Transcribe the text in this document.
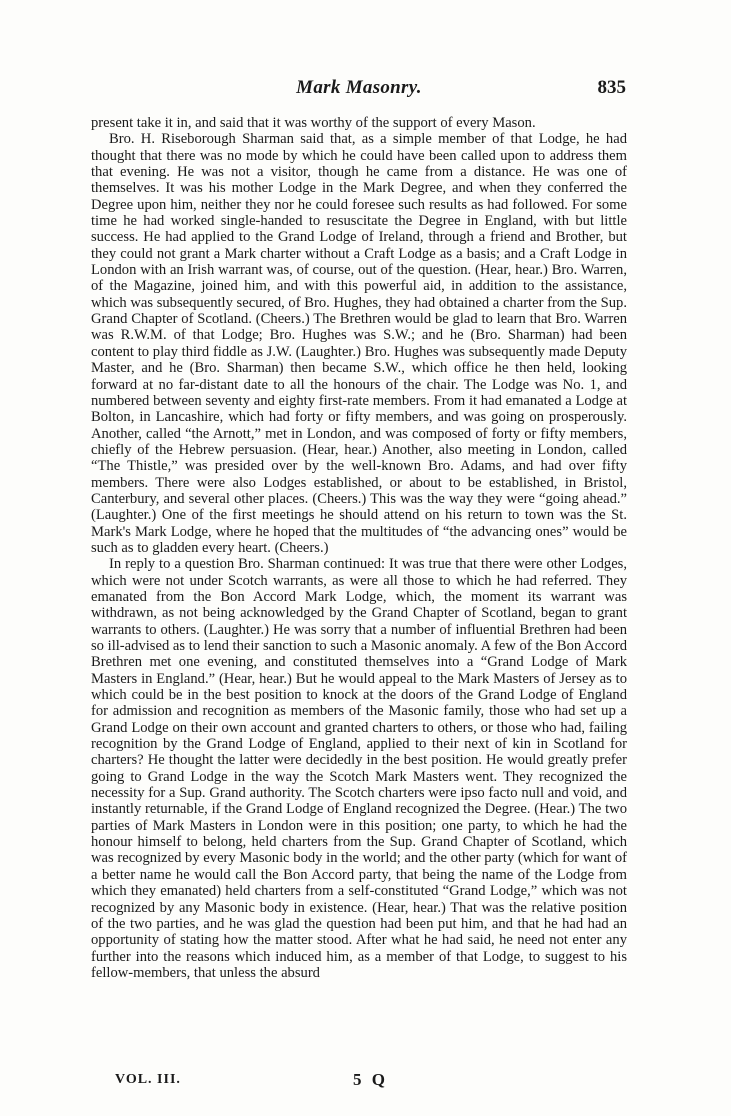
Mark Masonry.	835

present take it in, and said that it was worthy of the support of every Mason.

Bro. H. Riseborough Sharman said that, as a simple member of that Lodge, he had thought that there was no mode by which he could have been called upon to address them that evening. He was not a visitor, though he came from a distance. He was one of themselves. It was his mother Lodge in the Mark Degree, and when they conferred the Degree upon him, neither they nor he could foresee such results as had followed. For some time he had worked single-handed to resuscitate the Degree in England, with but little success. He had applied to the Grand Lodge of Ireland, through a friend and Brother, but they could not grant a Mark charter without a Craft Lodge as a basis; and a Craft Lodge in London with an Irish warrant was, of course, out of the question. (Hear, hear.) Bro. Warren, of the Magazine, joined him, and with this powerful aid, in addition to the assistance, which was subsequently secured, of Bro. Hughes, they had obtained a charter from the Sup. Grand Chapter of Scotland. (Cheers.) The Brethren would be glad to learn that Bro. Warren was R.W.M. of that Lodge; Bro. Hughes was S.W.; and he (Bro. Sharman) had been content to play third fiddle as J.W. (Laughter.) Bro. Hughes was subsequently made Deputy Master, and he (Bro. Sharman) then became S.W., which office he then held, looking forward at no far-distant date to all the honours of the chair. The Lodge was No. 1, and numbered between seventy and eighty first-rate members. From it had emanated a Lodge at Bolton, in Lancashire, which had forty or fifty members, and was going on prosperously. Another, called “the Arnott,” met in London, and was composed of forty or fifty members, chiefly of the Hebrew persuasion. (Hear, hear.) Another, also meeting in London, called “The Thistle,” was presided over by the well-known Bro. Adams, and had over fifty members. There were also Lodges established, or about to be established, in Bristol, Canterbury, and several other places. (Cheers.) This was the way they were “going ahead.” (Laughter.) One of the first meetings he should attend on his return to town was the St. Mark's Mark Lodge, where he hoped that the multitudes of “the advancing ones” would be such as to gladden every heart. (Cheers.)

In reply to a question Bro. Sharman continued: It was true that there were other Lodges, which were not under Scotch warrants, as were all those to which he had referred. They emanated from the Bon Accord Mark Lodge, which, the moment its warrant was withdrawn, as not being acknowledged by the Grand Chapter of Scotland, began to grant warrants to others. (Laughter.) He was sorry that a number of influential Brethren had been so ill-advised as to lend their sanction to such a Masonic anomaly. A few of the Bon Accord Brethren met one evening, and constituted themselves into a “Grand Lodge of Mark Masters in England.” (Hear, hear.) But he would appeal to the Mark Masters of Jersey as to which could be in the best position to knock at the doors of the Grand Lodge of England for admission and recognition as members of the Masonic family, those who had set up a Grand Lodge on their own account and granted charters to others, or those who had, failing recognition by the Grand Lodge of England, applied to their next of kin in Scotland for charters? He thought the latter were decidedly in the best position. He would greatly prefer going to Grand Lodge in the way the Scotch Mark Masters went. They recognized the necessity for a Sup. Grand authority. The Scotch charters were ipso facto null and void, and instantly returnable, if the Grand Lodge of England recognized the Degree. (Hear.) The two parties of Mark Masters in London were in this position; one party, to which he had the honour himself to belong, held charters from the Sup. Grand Chapter of Scotland, which was recognized by every Masonic body in the world; and the other party (which for want of a better name he would call the Bon Accord party, that being the name of the Lodge from which they emanated) held charters from a self-constituted “Grand Lodge,” which was not recognized by any Masonic body in existence. (Hear, hear.) That was the relative position of the two parties, and he was glad the question had been put him, and that he had had an opportunity of stating how the matter stood. After what he had said, he need not enter any further into the reasons which induced him, as a member of that Lodge, to suggest to his fellow-members, that unless the absurd

VOL. III.	5 Q
